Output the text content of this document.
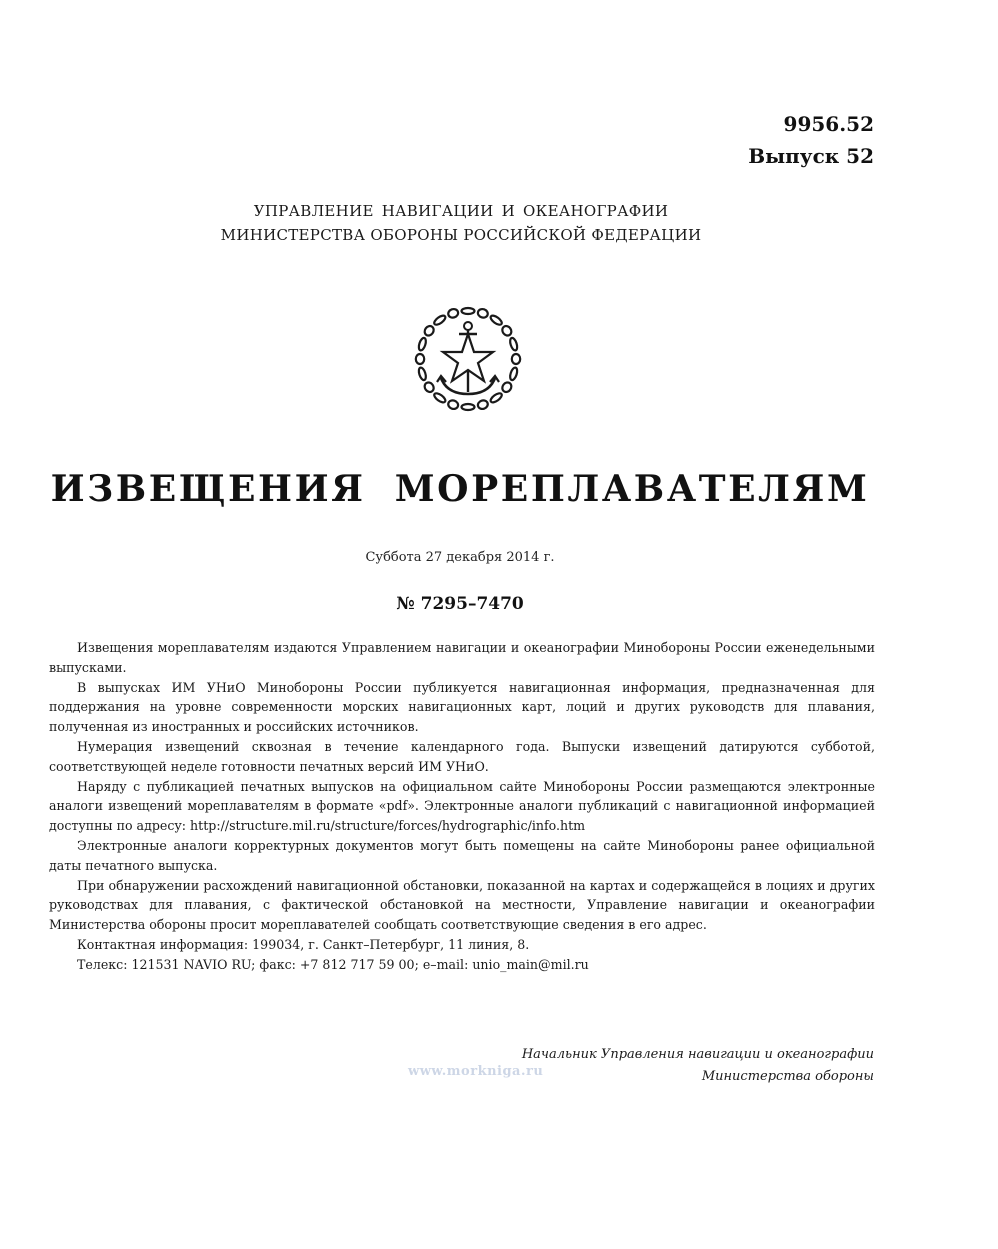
9956.52
Выпуск 52
УПРАВЛЕНИЕ НАВИГАЦИИ И ОКЕАНОГРАФИИ
МИНИСТЕРСТВА ОБОРОНЫ РОССИЙСКОЙ ФЕДЕРАЦИИ
ИЗВЕЩЕНИЯ МОРЕПЛАВАТЕЛЯМ
Суббота 27 декабря 2014 г.
№ 7295–7470

Извещения мореплавателям издаются Управлением навигации и океанографии Минобороны России еженедельными выпусками.

В выпусках ИМ УНиО Минобороны России публикуется навигационная информация, предназначенная для поддержания на уровне современности морских навигационных карт, лоций и других руководств для плавания, полученная из иностранных и российских источников.

Нумерация извещений сквозная в течение календарного года. Выпуски извещений датируются субботой, соответствующей неделе готовности печатных версий ИМ УНиО.

Наряду с публикацией печатных выпусков на официальном сайте Минобороны России размещаются электронные аналоги извещений мореплавателям в формате «pdf». Электронные аналоги публикаций с навигационной информацией доступны по адресу: http://structure.mil.ru/structure/forces/hydrographic/info.htm

Электронные аналоги корректурных документов могут быть помещены на сайте Минобороны ранее официальной даты печатного выпуска.

При обнаружении расхождений навигационной обстановки, показанной на картах и содержащейся в лоциях и других руководствах для плавания, с фактической обстановкой на местности, Управление навигации и океанографии Министерства обороны просит мореплавателей сообщать соответствующие сведения в его адрес.

Контактная информация: 199034, г. Санкт–Петербург, 11 линия, 8.

Телекс: 121531 NAVIO RU; факс: +7 812 717 59 00; e–mail: unio_main@mil.ru

Начальник Управления навигации и океанографии
Министерства обороны
www.morkniga.ru
